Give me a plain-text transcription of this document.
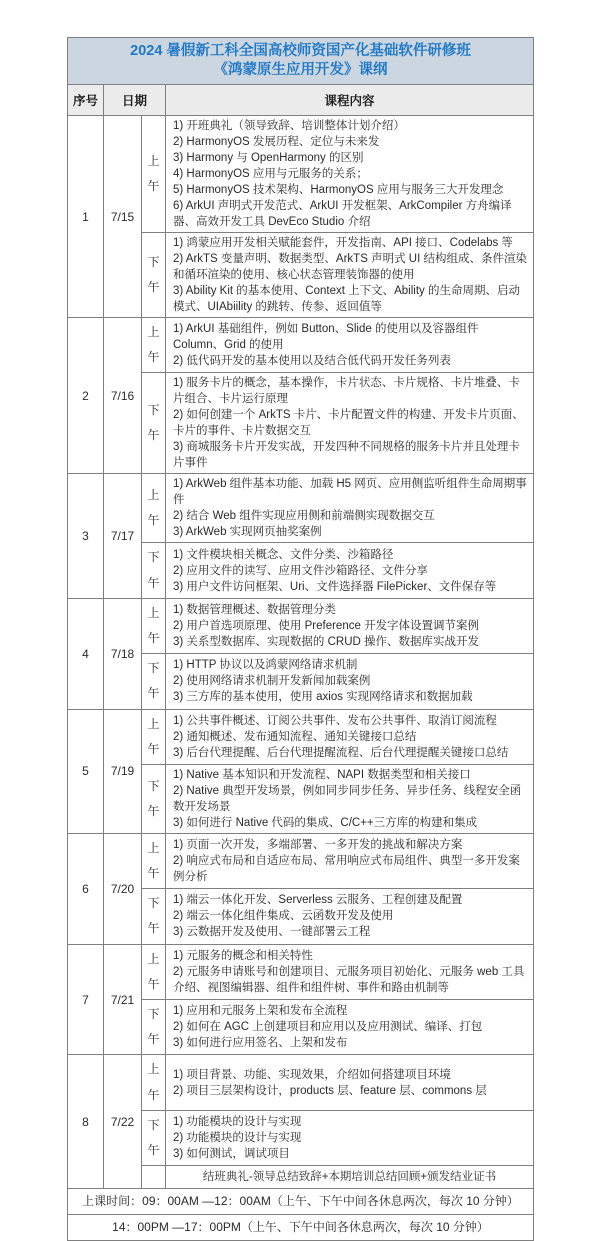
2024 暑假新工科全国高校师资国产化基础软件研修班
《鸿蒙原生应用开发》课纲			

序号	日期		课程内容
1	7/15	上午	
1) 开班典礼（领导致辞、培训整体计划介绍）
2) HarmonyOS 发展历程、定位与未来发
3) Harmony 与 OpenHarmony 的区别
4) HarmonyOS 应用与元服务的关系；
5) HarmonyOS 技术架构、HarmonyOS 应用与服务三大开发理念
6) ArkUI 声明式开发范式、ArkUI 开发框架、ArkCompiler 方舟编译器、高效开发工具 DevEco Studio 介绍

		下午	1) 鸿蒙应用开发相关赋能套件，开发指南、API 接口、Codelabs 等
2) ArkTS 变量声明、数据类型、ArkTS 声明式 UI 结构组成、条件渲染和循环渲染的使用、核心状态管理装饰器的使用
3) Ability Kit 的基本使用、Context 上下文、Ability 的生命周期、启动模式、UIAbiility 的跳转、传参、返回值等

2	7/16	上午	1) ArkUI 基础组件，例如 Button、Slide 的使用以及容器组件 Column、Grid 的使用
2) 低代码开发的基本使用以及结合低代码开发任务列表

		下午	1) 服务卡片的概念，基本操作，卡片状态、卡片规格、卡片堆叠、卡片组合、卡片运行原理
2) 如何创建一个 ArkTS 卡片、卡片配置文件的构建、开发卡片页面、卡片的事件、卡片数据交互
3) 商城服务卡片开发实战，开发四种不同规格的服务卡片并且处理卡片事件

3	7/17	上午	1) ArkWeb 组件基本功能、加载 H5 网页、应用侧监听组件生命周期事件
2) 结合 Web 组件实现应用侧和前端侧实现数据交互
3) ArkWeb 实现网页抽奖案例

		下午	1) 文件模块相关概念、文件分类、沙箱路径
2) 应用文件的读写、应用文件沙箱路径、文件分享
3) 用户文件访问框架、Uri、文件选择器 FilePicker、文件保存等

4	7/18	上午	1) 数据管理概述、数据管理分类
2) 用户首选项原理、使用 Preference 开发字体设置调节案例
3) 关系型数据库、实现数据的 CRUD 操作、数据库实战开发

		下午	1) HTTP 协议以及鸿蒙网络请求机制
2) 使用网络请求机制开发新闻加载案例
3) 三方库的基本使用，使用 axios 实现网络请求和数据加载

5	7/19	上午	1) 公共事件概述、订阅公共事件、发布公共事件、取消订阅流程
2) 通知概述、发布通知流程、通知关键接口总结
3) 后台代理提醒、后台代理提醒流程、后台代理提醒关键接口总结

		下午	1) Native 基本知识和开发流程、NAPI 数据类型和相关接口
2) Native 典型开发场景，例如同步同步任务、异步任务、线程安全函数开发场景
3) 如何进行 Native 代码的集成、C/C++三方库的构建和集成

6	7/20	上午	1) 页面一次开发，多端部署、一多开发的挑战和解决方案
2) 响应式布局和自适应布局、常用响应式布局组件、典型一多开发案例分析

		下午	1) 端云一体化开发、Serverless 云服务、工程创建及配置
2) 端云一体化组件集成、云函数开发及使用
3) 云数据开发及使用、一键部署云工程

7	7/21	上午	1) 元服务的概念和相关特性
2) 元服务申请账号和创建项目、元服务项目初始化、元服务 web 工具介绍、视图编辑器、组件和组件树、事件和路由机制等

		下午	1) 应用和元服务上架和发布全流程
2) 如何在 AGC 上创建项目和应用以及应用测试、编译、打包
3) 如何进行应用签名、上架和发布

8	7/22	上午	1) 项目背景、功能、实现效果，介绍如何搭建项目环境
2) 项目三层架构设计，products 层、feature 层、commons 层

		下午	1) 功能模块的设计与实现
2) 功能模块的设计与实现
3) 如何测试，调试项目

			结班典礼-领导总结致辞+本期培训总结回顾+颁发结业证书
上课时间：09：00AM —12：00AM（上午、下午中间各休息两次，每次 10 分钟）			
14：00PM —17：00PM（上午、下午中间各休息两次，每次 10 分钟）			
